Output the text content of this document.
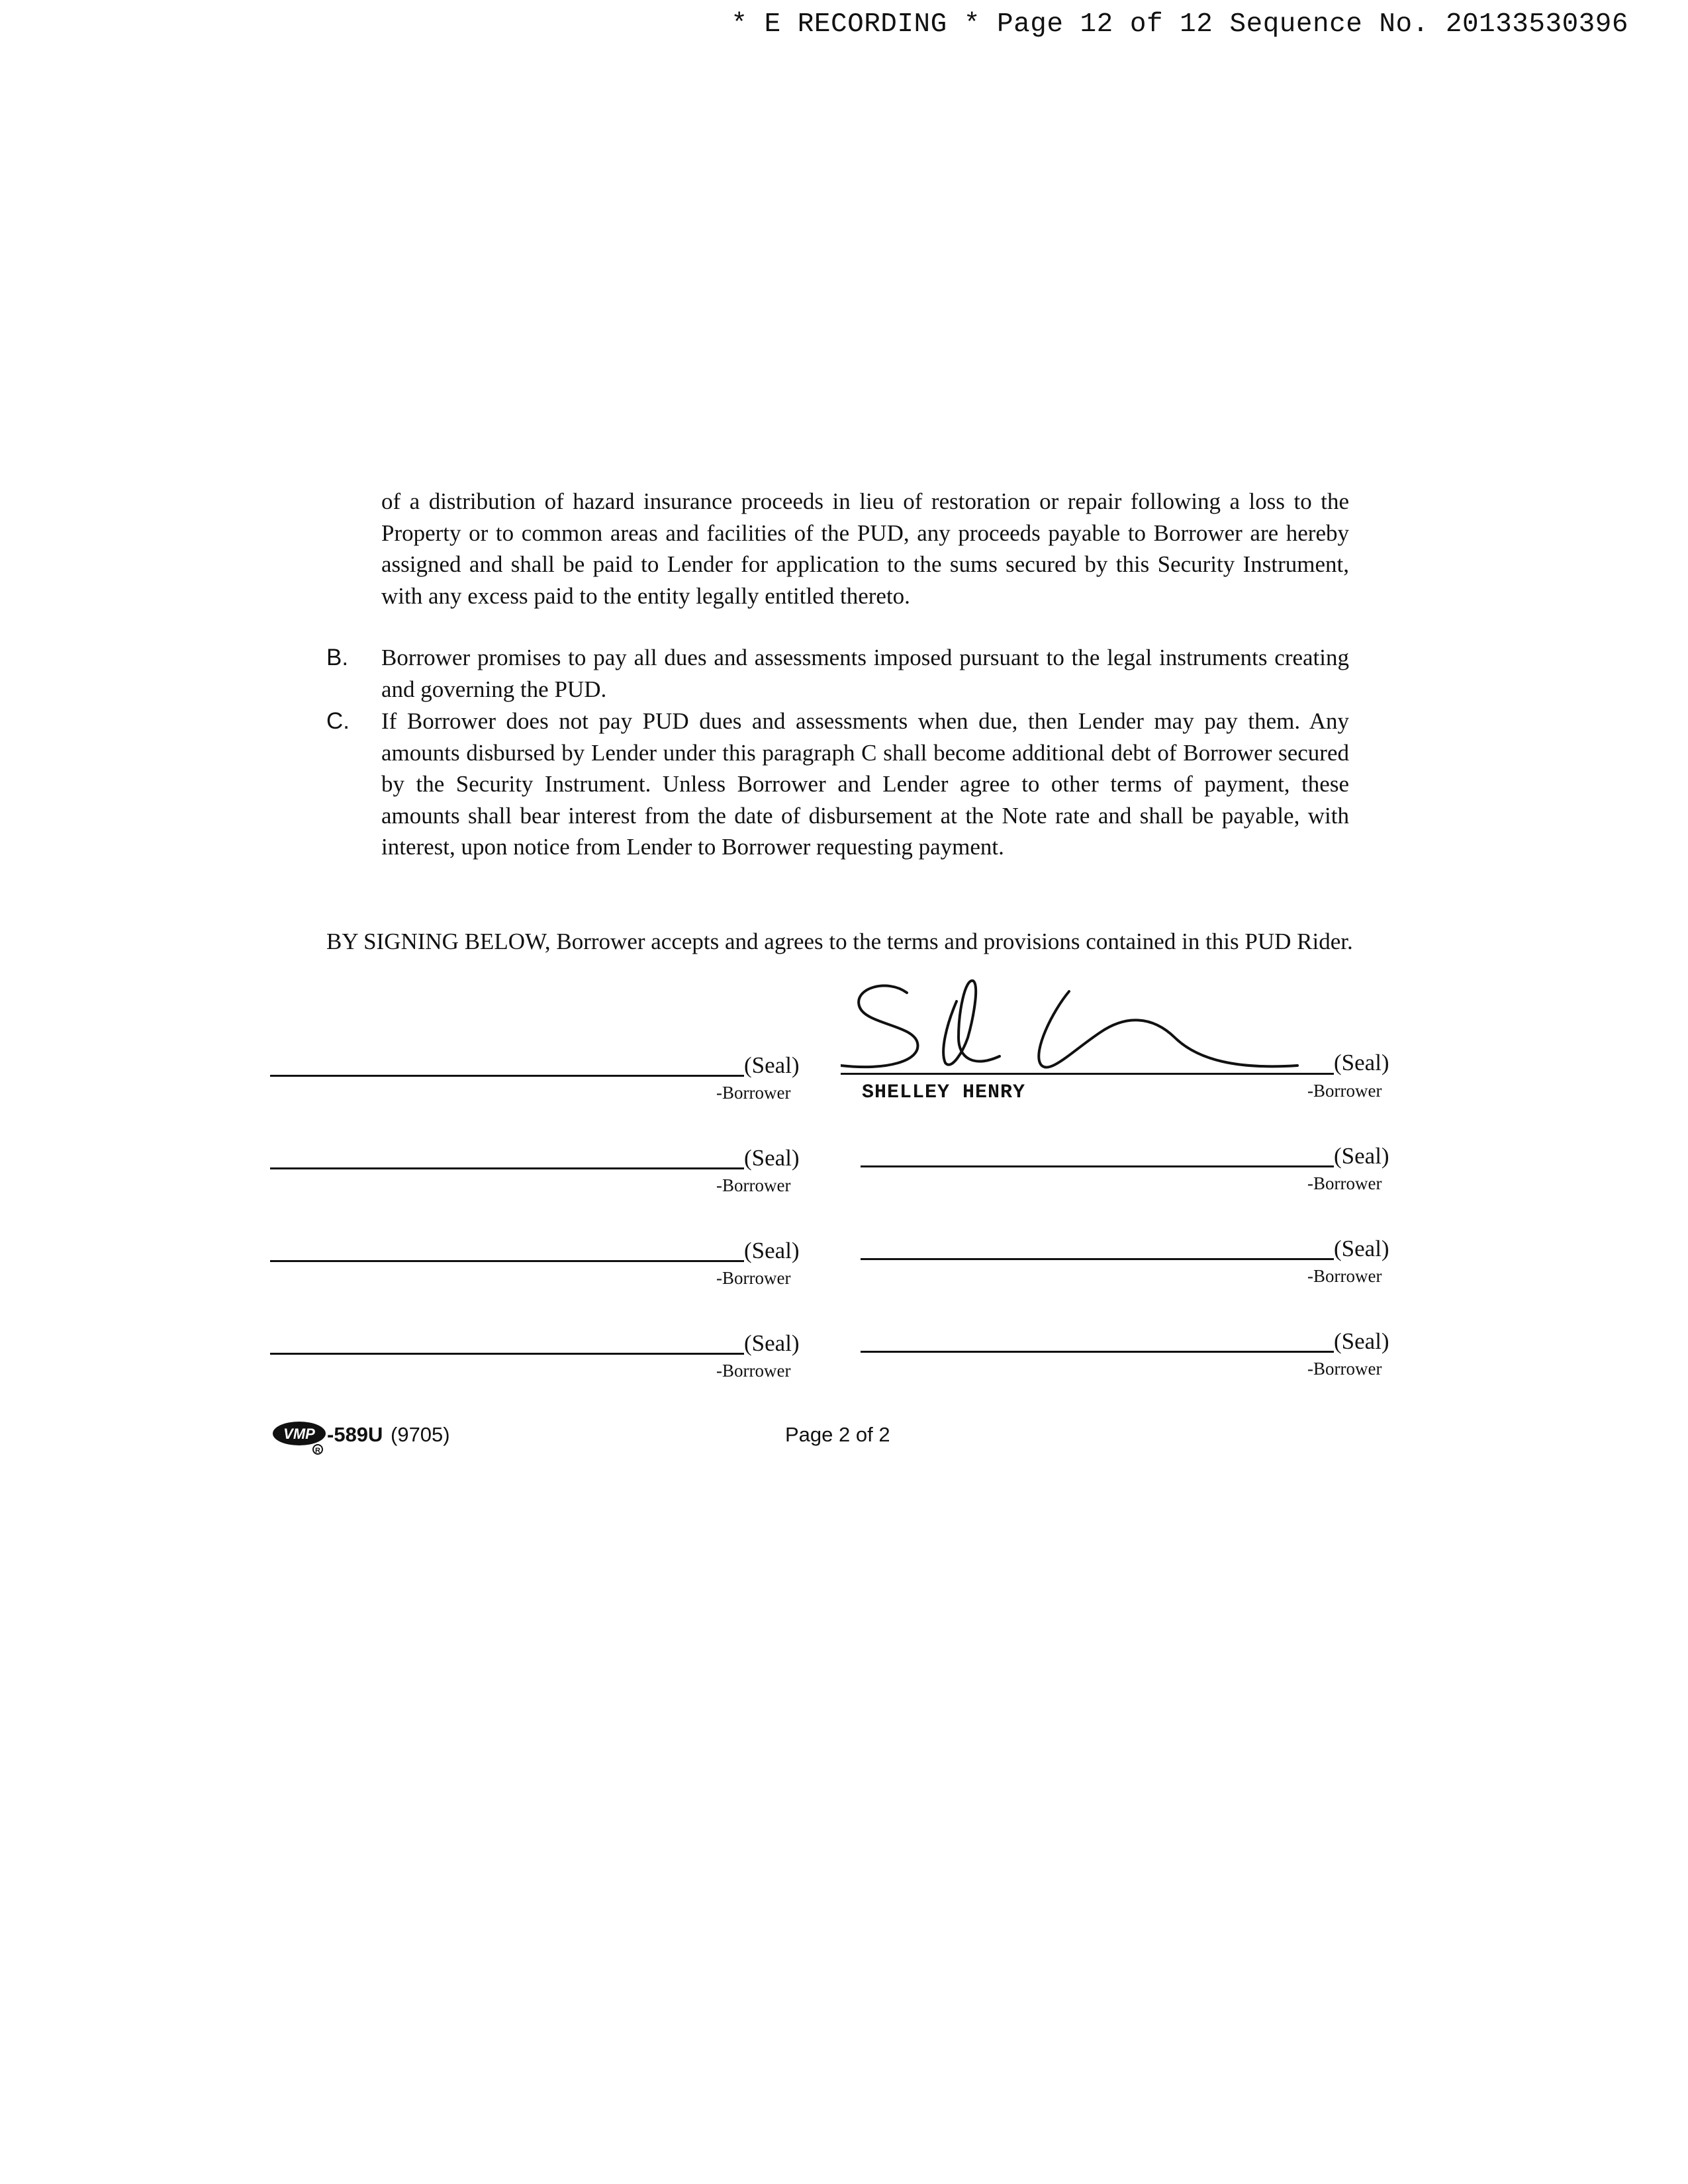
* E RECORDING * Page 12 of 12 Sequence No. 20133530396
of a distribution of hazard insurance proceeds in lieu of restoration or repair following a loss to the Property or to common areas and facilities of the PUD, any proceeds payable to Borrower are hereby assigned and shall be paid to Lender for application to the sums secured by this Security Instrument, with any excess paid to the entity legally entitled thereto.
B. Borrower promises to pay all dues and assessments imposed pursuant to the legal instruments creating and governing the PUD.
C. If Borrower does not pay PUD dues and assessments when due, then Lender may pay them. Any amounts disbursed by Lender under this paragraph C shall become additional debt of Borrower secured by the Security Instrument. Unless Borrower and Lender agree to other terms of payment, these amounts shall bear interest from the date of disbursement at the Note rate and shall be payable, with interest, upon notice from Lender to Borrower requesting payment.
BY SIGNING BELOW, Borrower accepts and agrees to the terms and provisions contained in this PUD Rider.
(Seal)
-Borrower
(Seal)
-Borrower
(Seal)
-Borrower
(Seal)
-Borrower
(Seal)
SHELLEY HENRY	-Borrower
(Seal)
-Borrower
(Seal)
-Borrower
(Seal)
-Borrower
VMP
R
-589U (9705)	Page 2 of 2
